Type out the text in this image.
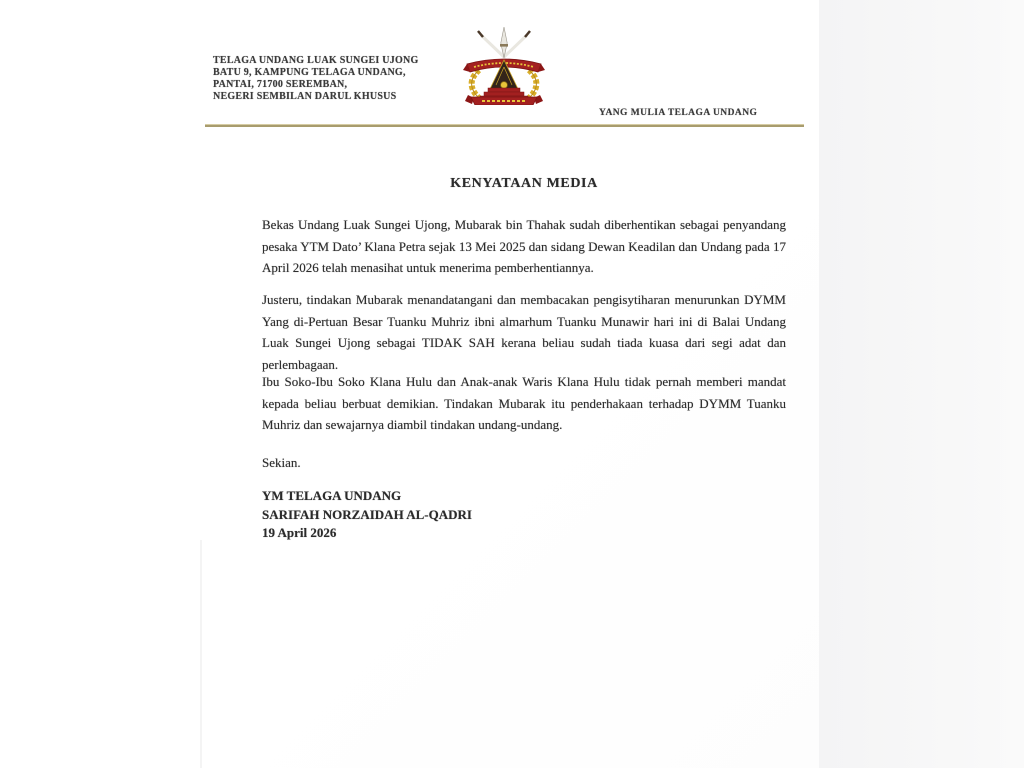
TELAGA UNDANG LUAK SUNGEI UJONG
BATU 9, KAMPUNG TELAGA UNDANG,
PANTAI, 71700 SEREMBAN,
NEGERI SEMBILAN DARUL KHUSUS
YANG MULIA TELAGA UNDANG
KENYATAAN MEDIA
Bekas Undang Luak Sungei Ujong, Mubarak bin Thahak sudah diberhentikan sebagai penyandang pesaka YTM Dato’ Klana Petra sejak 13 Mei 2025 dan sidang Dewan Keadilan dan Undang pada 17 April 2026 telah menasihat untuk menerima pemberhentiannya.
Justeru, tindakan Mubarak menandatangani dan membacakan pengisytiharan menurunkan DYMM Yang di-Pertuan Besar Tuanku Muhriz ibni almarhum Tuanku Munawir hari ini di Balai Undang Luak Sungei Ujong sebagai TIDAK SAH kerana beliau sudah tiada kuasa dari segi adat dan perlembagaan.
Ibu Soko-Ibu Soko Klana Hulu dan Anak-anak Waris Klana Hulu tidak pernah memberi mandat kepada beliau berbuat demikian. Tindakan Mubarak itu penderhakaan terhadap DYMM Tuanku Muhriz dan sewajarnya diambil tindakan undang-undang.
Sekian.
YM TELAGA UNDANG
SARIFAH NORZAIDAH AL-QADRI
19 April 2026
